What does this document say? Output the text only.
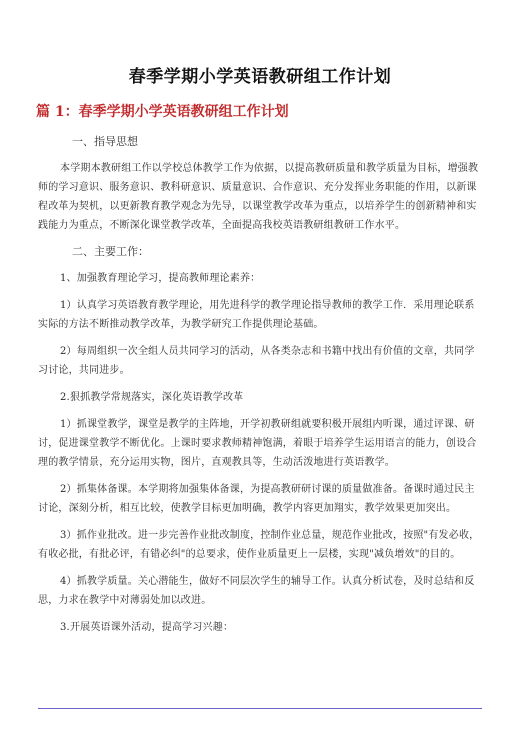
春季学期小学英语教研组工作计划
篇 1：春季学期小学英语教研组工作计划
一、指导思想

本学期本教研组工作以学校总体教学工作为依据，以提高教研质量和教学质量为目标，增强教师的学习意识、服务意识、教科研意识、质量意识、合作意识、充分发挥业务职能的作用，以新课程改革为契机，以更新教育教学观念为先导，以课堂教学改革为重点，以培养学生的创新精神和实践能力为重点，不断深化课堂教学改革，全面提高我校英语教研组教研工作水平。

二、主要工作：

1、加强教育理论学习，提高教师理论素养：

1）认真学习英语教育教学理论，用先进科学的教学理论指导教师的教学工作．采用理论联系实际的方法不断推动教学改革，为教学研究工作提供理论基础。

2）每周组织一次全组人员共同学习的活动，从各类杂志和书籍中找出有价值的文章，共同学习讨论，共同进步。

2.狠抓教学常规落实，深化英语教学改革

1）抓课堂教学，课堂是教学的主阵地，开学初教研组就要积极开展组内听课，通过评课、研讨，促进课堂教学不断优化。上课时要求教师精神饱满，着眼于培养学生运用语言的能力，创设合理的教学情景，充分运用实物，图片，直观教具等，生动活泼地进行英语教学。

2）抓集体备课。本学期将加强集体备课，为提高教研研讨课的质量做准备。备课时通过民主讨论，深刻分析，相互比较，使教学目标更加明确，教学内容更加翔实，教学效果更加突出。

3）抓作业批改。进一步完善作业批改制度，控制作业总量，规范作业批改，按照"有发必收，有收必批，有批必评，有错必纠"的总要求，使作业质量更上一层楼，实现"减负增效"的目的。

4）抓教学质量。关心潜能生，做好不同层次学生的辅导工作。认真分析试卷，及时总结和反思，力求在教学中对薄弱处加以改进。

3.开展英语课外活动，提高学习兴趣：
